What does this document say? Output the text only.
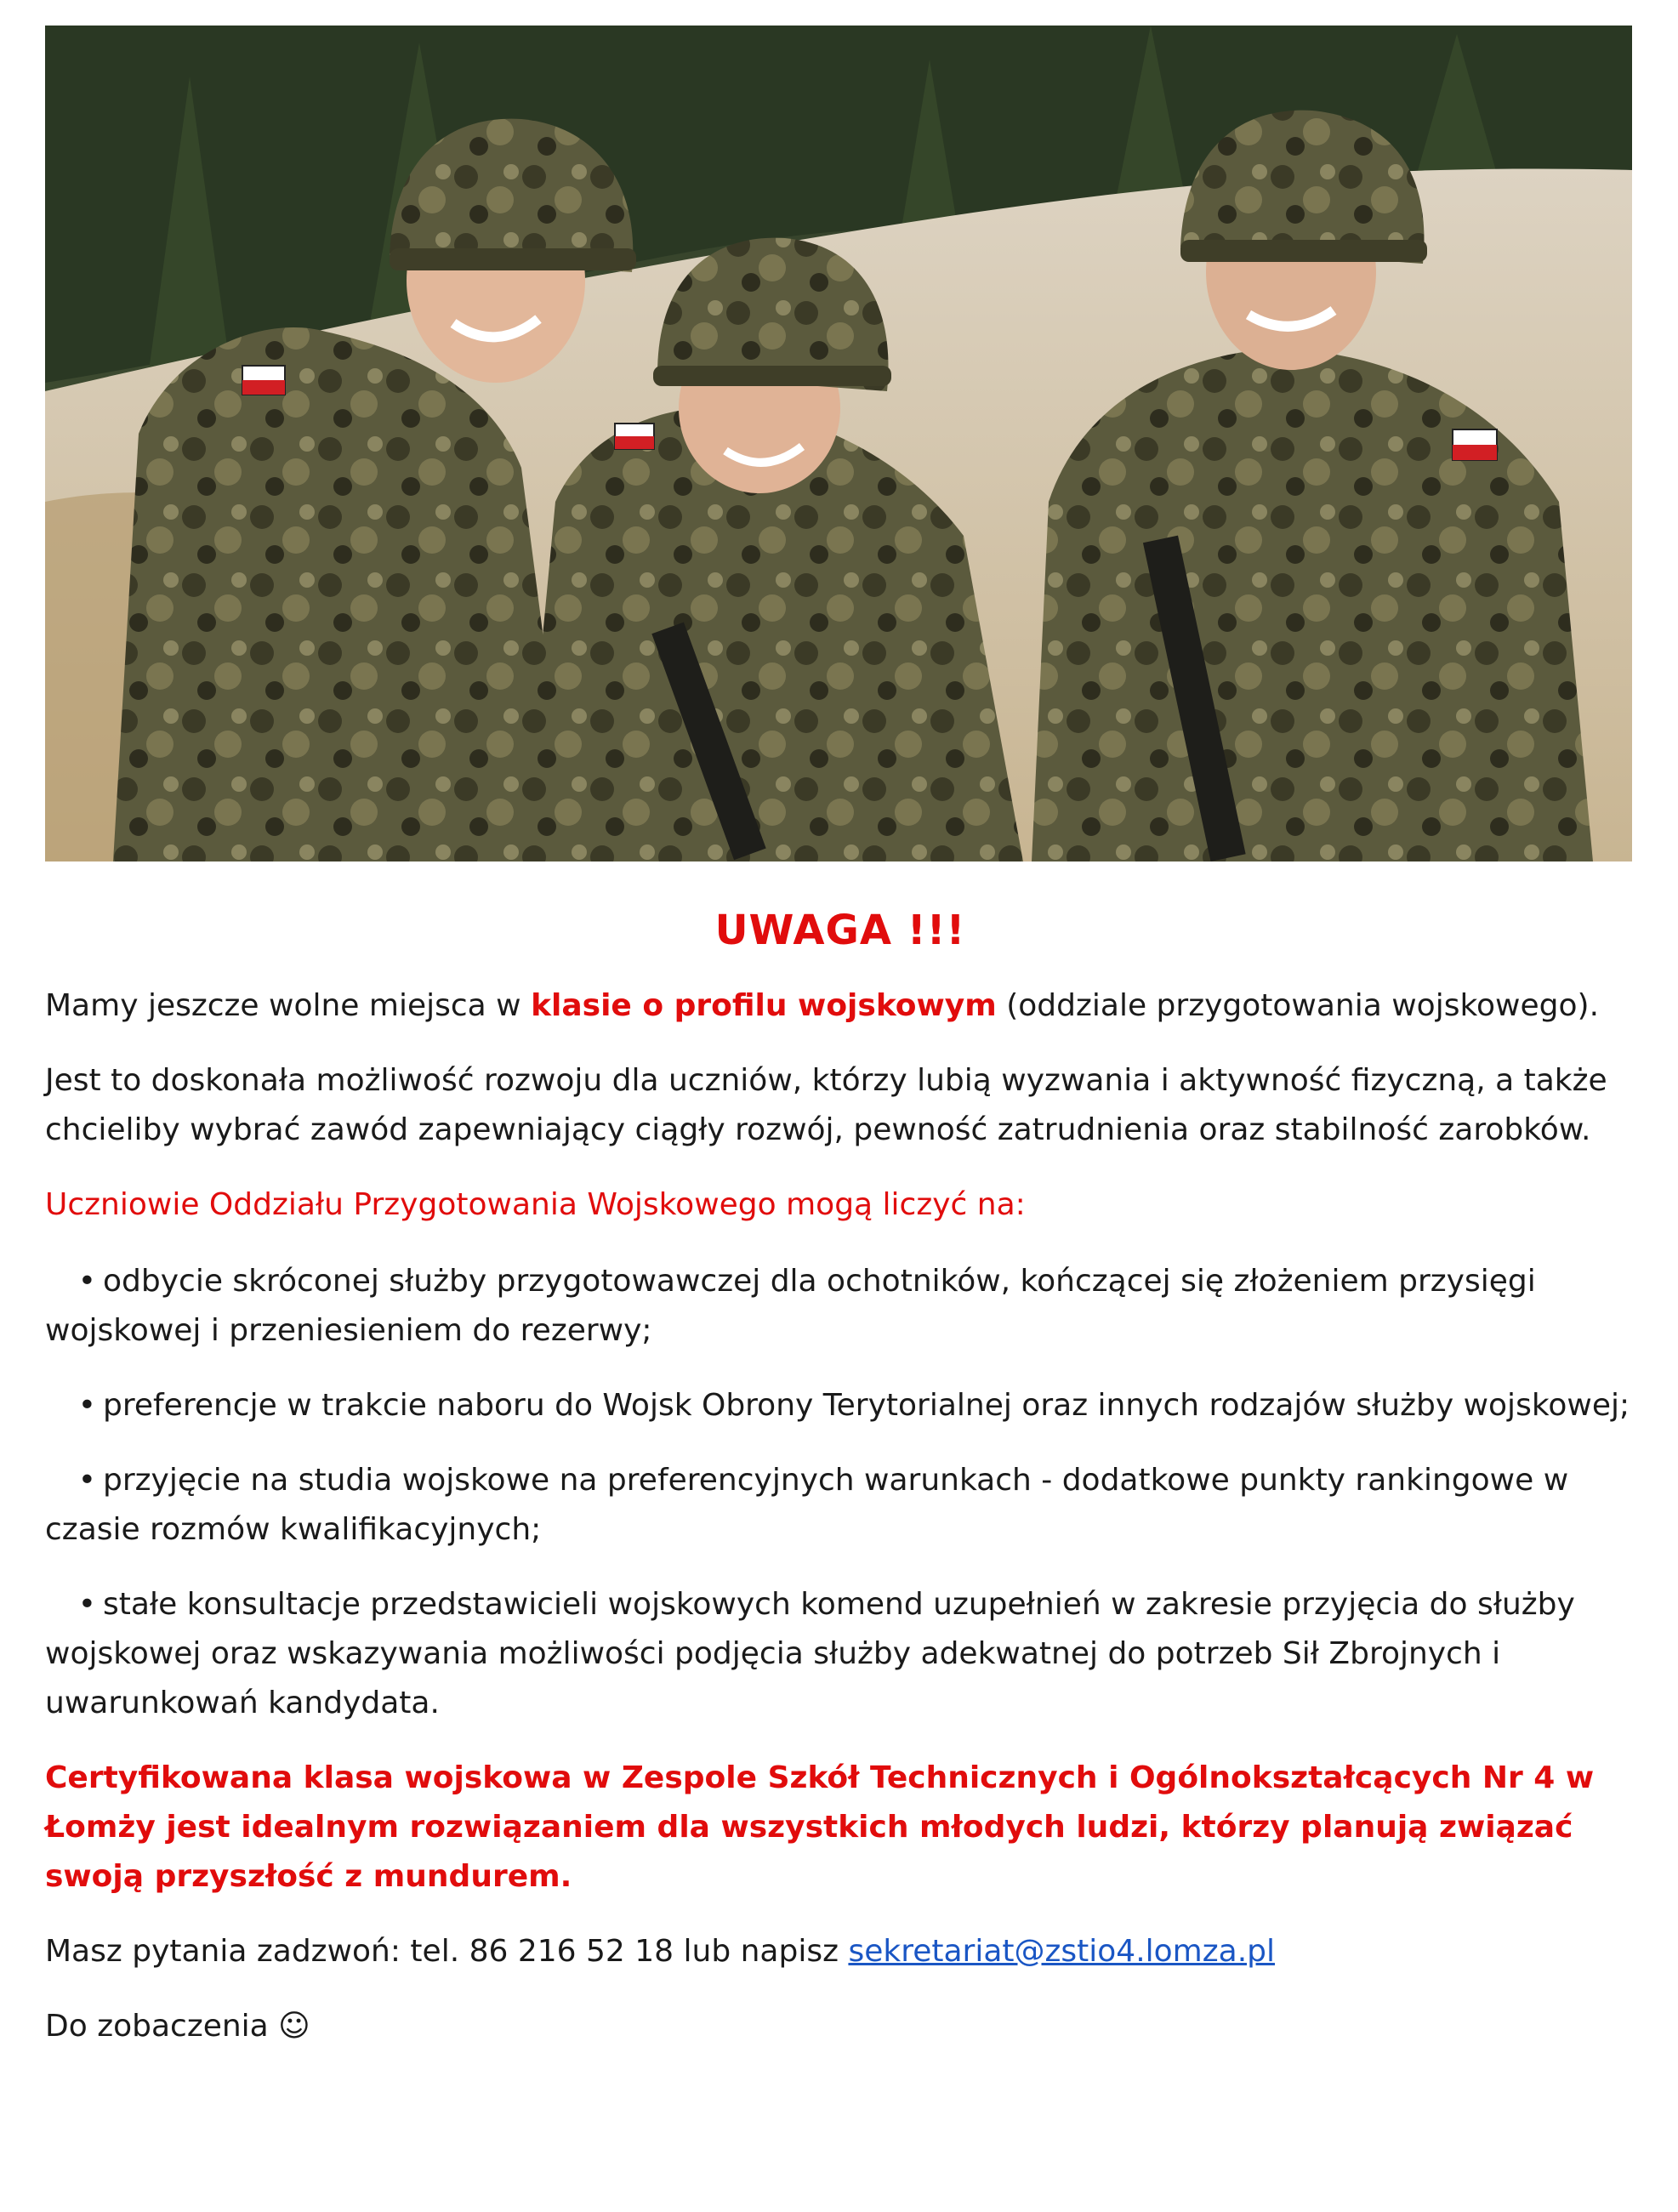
UWAGA !!!

Mamy jeszcze wolne miejsca w klasie o profilu wojskowym (oddziale przygotowania wojskowego).

Jest to doskonała możliwość rozwoju dla uczniów, którzy lubią wyzwania i aktywność fizyczną, a także chcieliby wybrać zawód zapewniający ciągły rozwój, pewność zatrudnienia oraz stabilność zarobków.

Uczniowie Oddziału Przygotowania Wojskowego mogą liczyć na:

• odbycie skróconej służby przygotowawczej dla ochotników, kończącej się złożeniem przysięgi wojskowej i przeniesieniem do rezerwy;

• preferencje w trakcie naboru do Wojsk Obrony Terytorialnej oraz innych rodzajów służby wojskowej;

• przyjęcie na studia wojskowe na preferencyjnych warunkach - dodatkowe punkty rankingowe w czasie rozmów kwalifikacyjnych;

• stałe konsultacje przedstawicieli wojskowych komend uzupełnień w zakresie przyjęcia do służby wojskowej oraz wskazywania możliwości podjęcia służby adekwatnej do potrzeb Sił Zbrojnych i uwarunkowań kandydata.

Certyfikowana klasa wojskowa w Zespole Szkół Technicznych i Ogólnokształcących Nr 4 w Łomży jest idealnym rozwiązaniem dla wszystkich młodych ludzi, którzy planują związać swoją przyszłość z mundurem.

Masz pytania zadzwoń: tel. 86 216 52 18 lub napisz sekretariat@zstio4.lomza.pl

Do zobaczenia ☺
